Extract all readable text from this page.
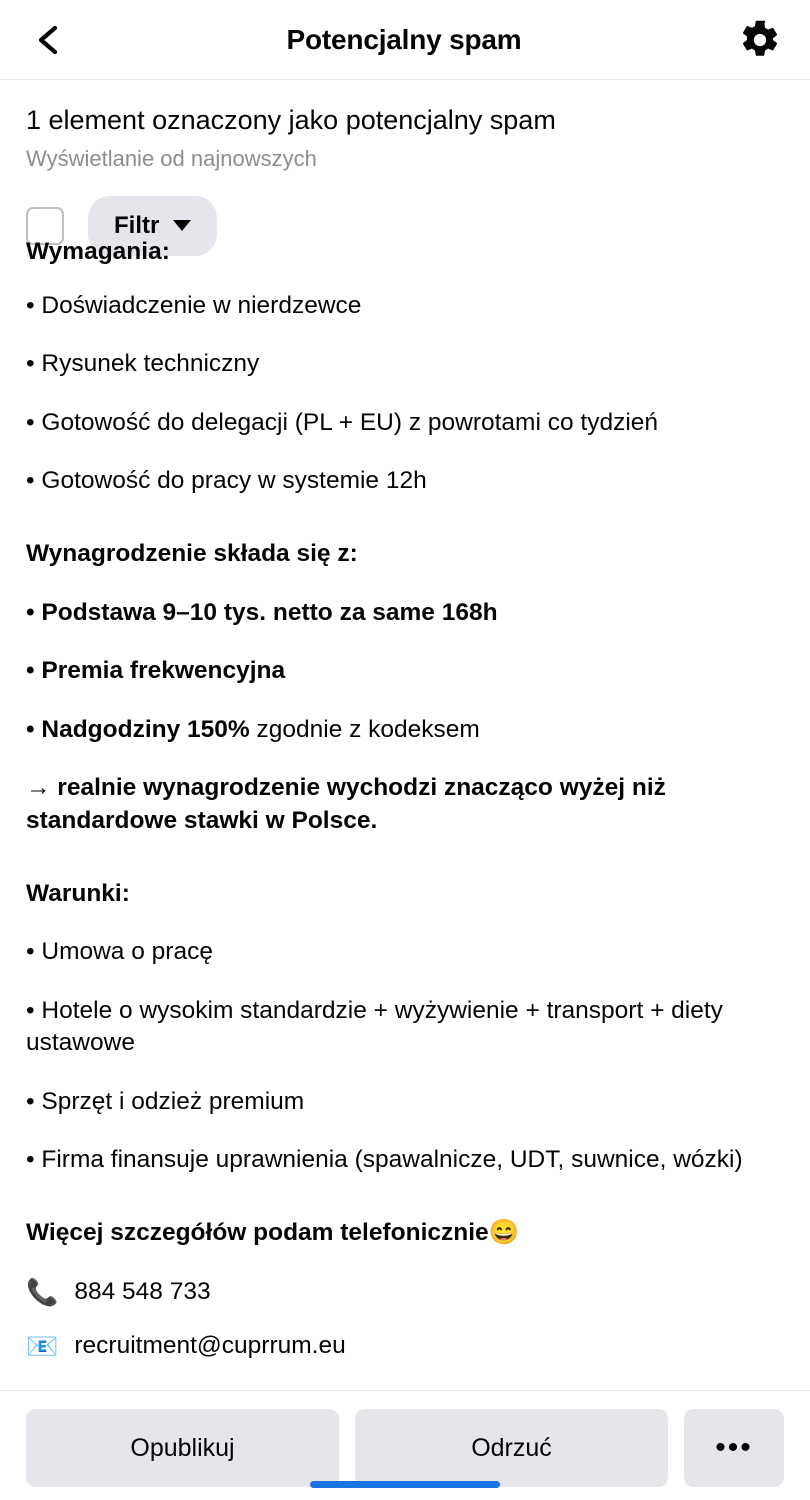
Potencjalny spam
1 element oznaczony jako potencjalny spam
Wyświetlanie od najnowszych
Filtr

Wymagania:

• Doświadczenie w nierdzewce

• Rysunek techniczny

• Gotowość do delegacji (PL + EU) z powrotami co tydzień

• Gotowość do pracy w systemie 12h

Wynagrodzenie składa się z:

• Podstawa 9–10 tys. netto za same 168h

• Premia frekwencyjna

• Nadgodziny 150% zgodnie z kodeksem

→ realnie wynagrodzenie wychodzi znacząco wyżej niż standardowe stawki w Polsce.

Warunki:

• Umowa o pracę

• Hotele o wysokim standardzie + wyżywienie + transport + diety ustawowe

• Sprzęt i odzież premium

• Firma finansuje uprawnienia (spawalnicze, UDT, suwnice, wózki)

Więcej szczegółów podam telefonicznie😄

📞 884 548 733
📧 recruitment@cuprrum.eu
Opublikuj	Odrzuć	•••
